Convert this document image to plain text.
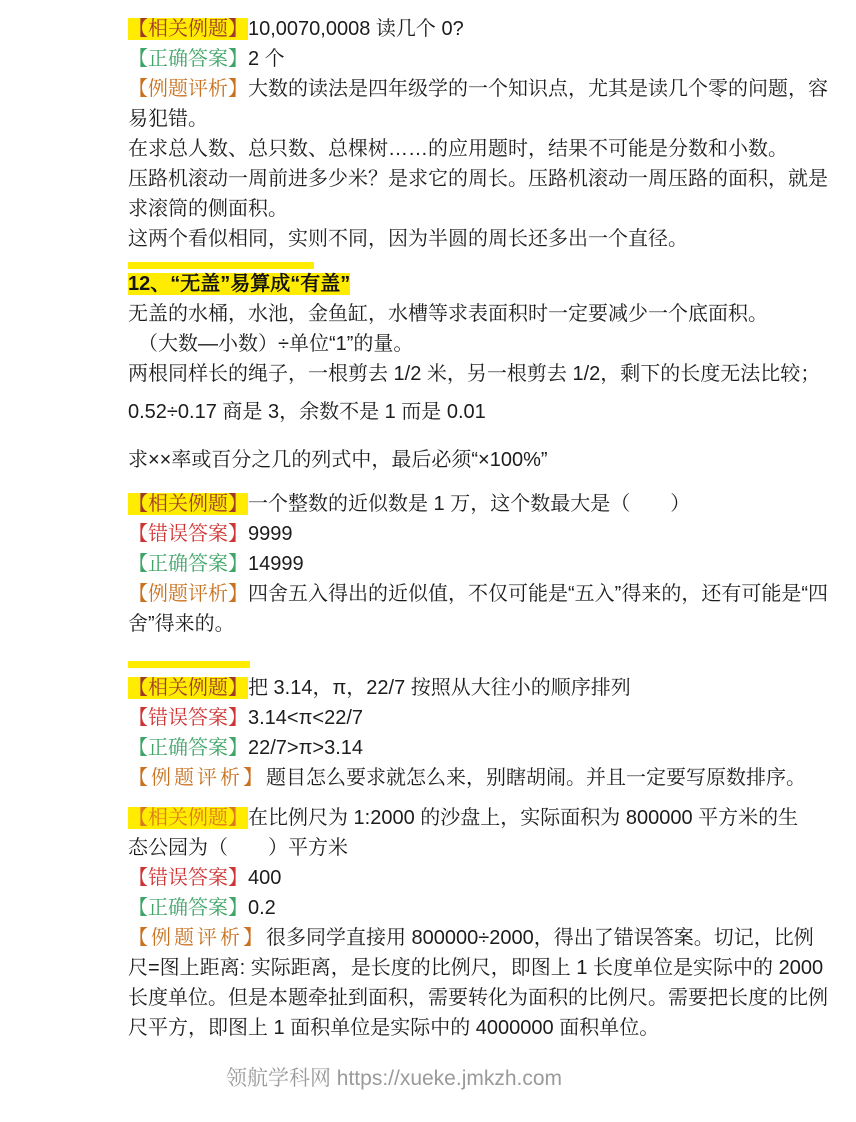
【相关例题】10,0070,0008 读几个 0?
【正确答案】2 个
【例题评析】大数的读法是四年级学的一个知识点，尤其是读几个零的问题，容
易犯错。
在求总人数、总只数、总棵树……的应用题时，结果不可能是分数和小数。
压路机滚动一周前进多少米？是求它的周长。压路机滚动一周压路的面积，就是
求滚筒的侧面积。
这两个看似相同，实则不同，因为半圆的周长还多出一个直径。
12、“无盖”易算成“有盖”
无盖的水桶，水池，金鱼缸，水槽等求表面积时一定要减少一个底面积。
　（大数—小数）÷单位“1”的量。
两根同样长的绳子，一根剪去 1/2 米，另一根剪去 1/2，剩下的长度无法比较；
0.52÷0.17 商是 3，余数不是 1 而是 0.01
求××率或百分之几的列式中，最后必须“×100%”
【相关例题】一个整数的近似数是 1 万，这个数最大是（　　）
【错误答案】9999
【正确答案】14999
【例题评析】四舍五入得出的近似值，不仅可能是“五入”得来的，还有可能是“四
舍”得来的。
【相关例题】把 3.14，π，22/7 按照从大往小的顺序排列
【错误答案】3.14<π<22/7
【正确答案】22/7>π>3.14
【例题评析】题目怎么要求就怎么来，别瞎胡闹。并且一定要写原数排序。
【相关例题】在比例尺为 1:2000 的沙盘上，实际面积为 800000 平方米的生
态公园为（　　）平方米
【错误答案】400
【正确答案】0.2
【例题评析】很多同学直接用 800000÷2000，得出了错误答案。切记，比例
尺=图上距离: 实际距离，是长度的比例尺，即图上 1 长度单位是实际中的 2000
长度单位。但是本题牵扯到面积，需要转化为面积的比例尺。需要把长度的比例
尺平方，即图上 1 面积单位是实际中的 4000000 面积单位。
领航学科网 https://xueke.jmkzh.com
